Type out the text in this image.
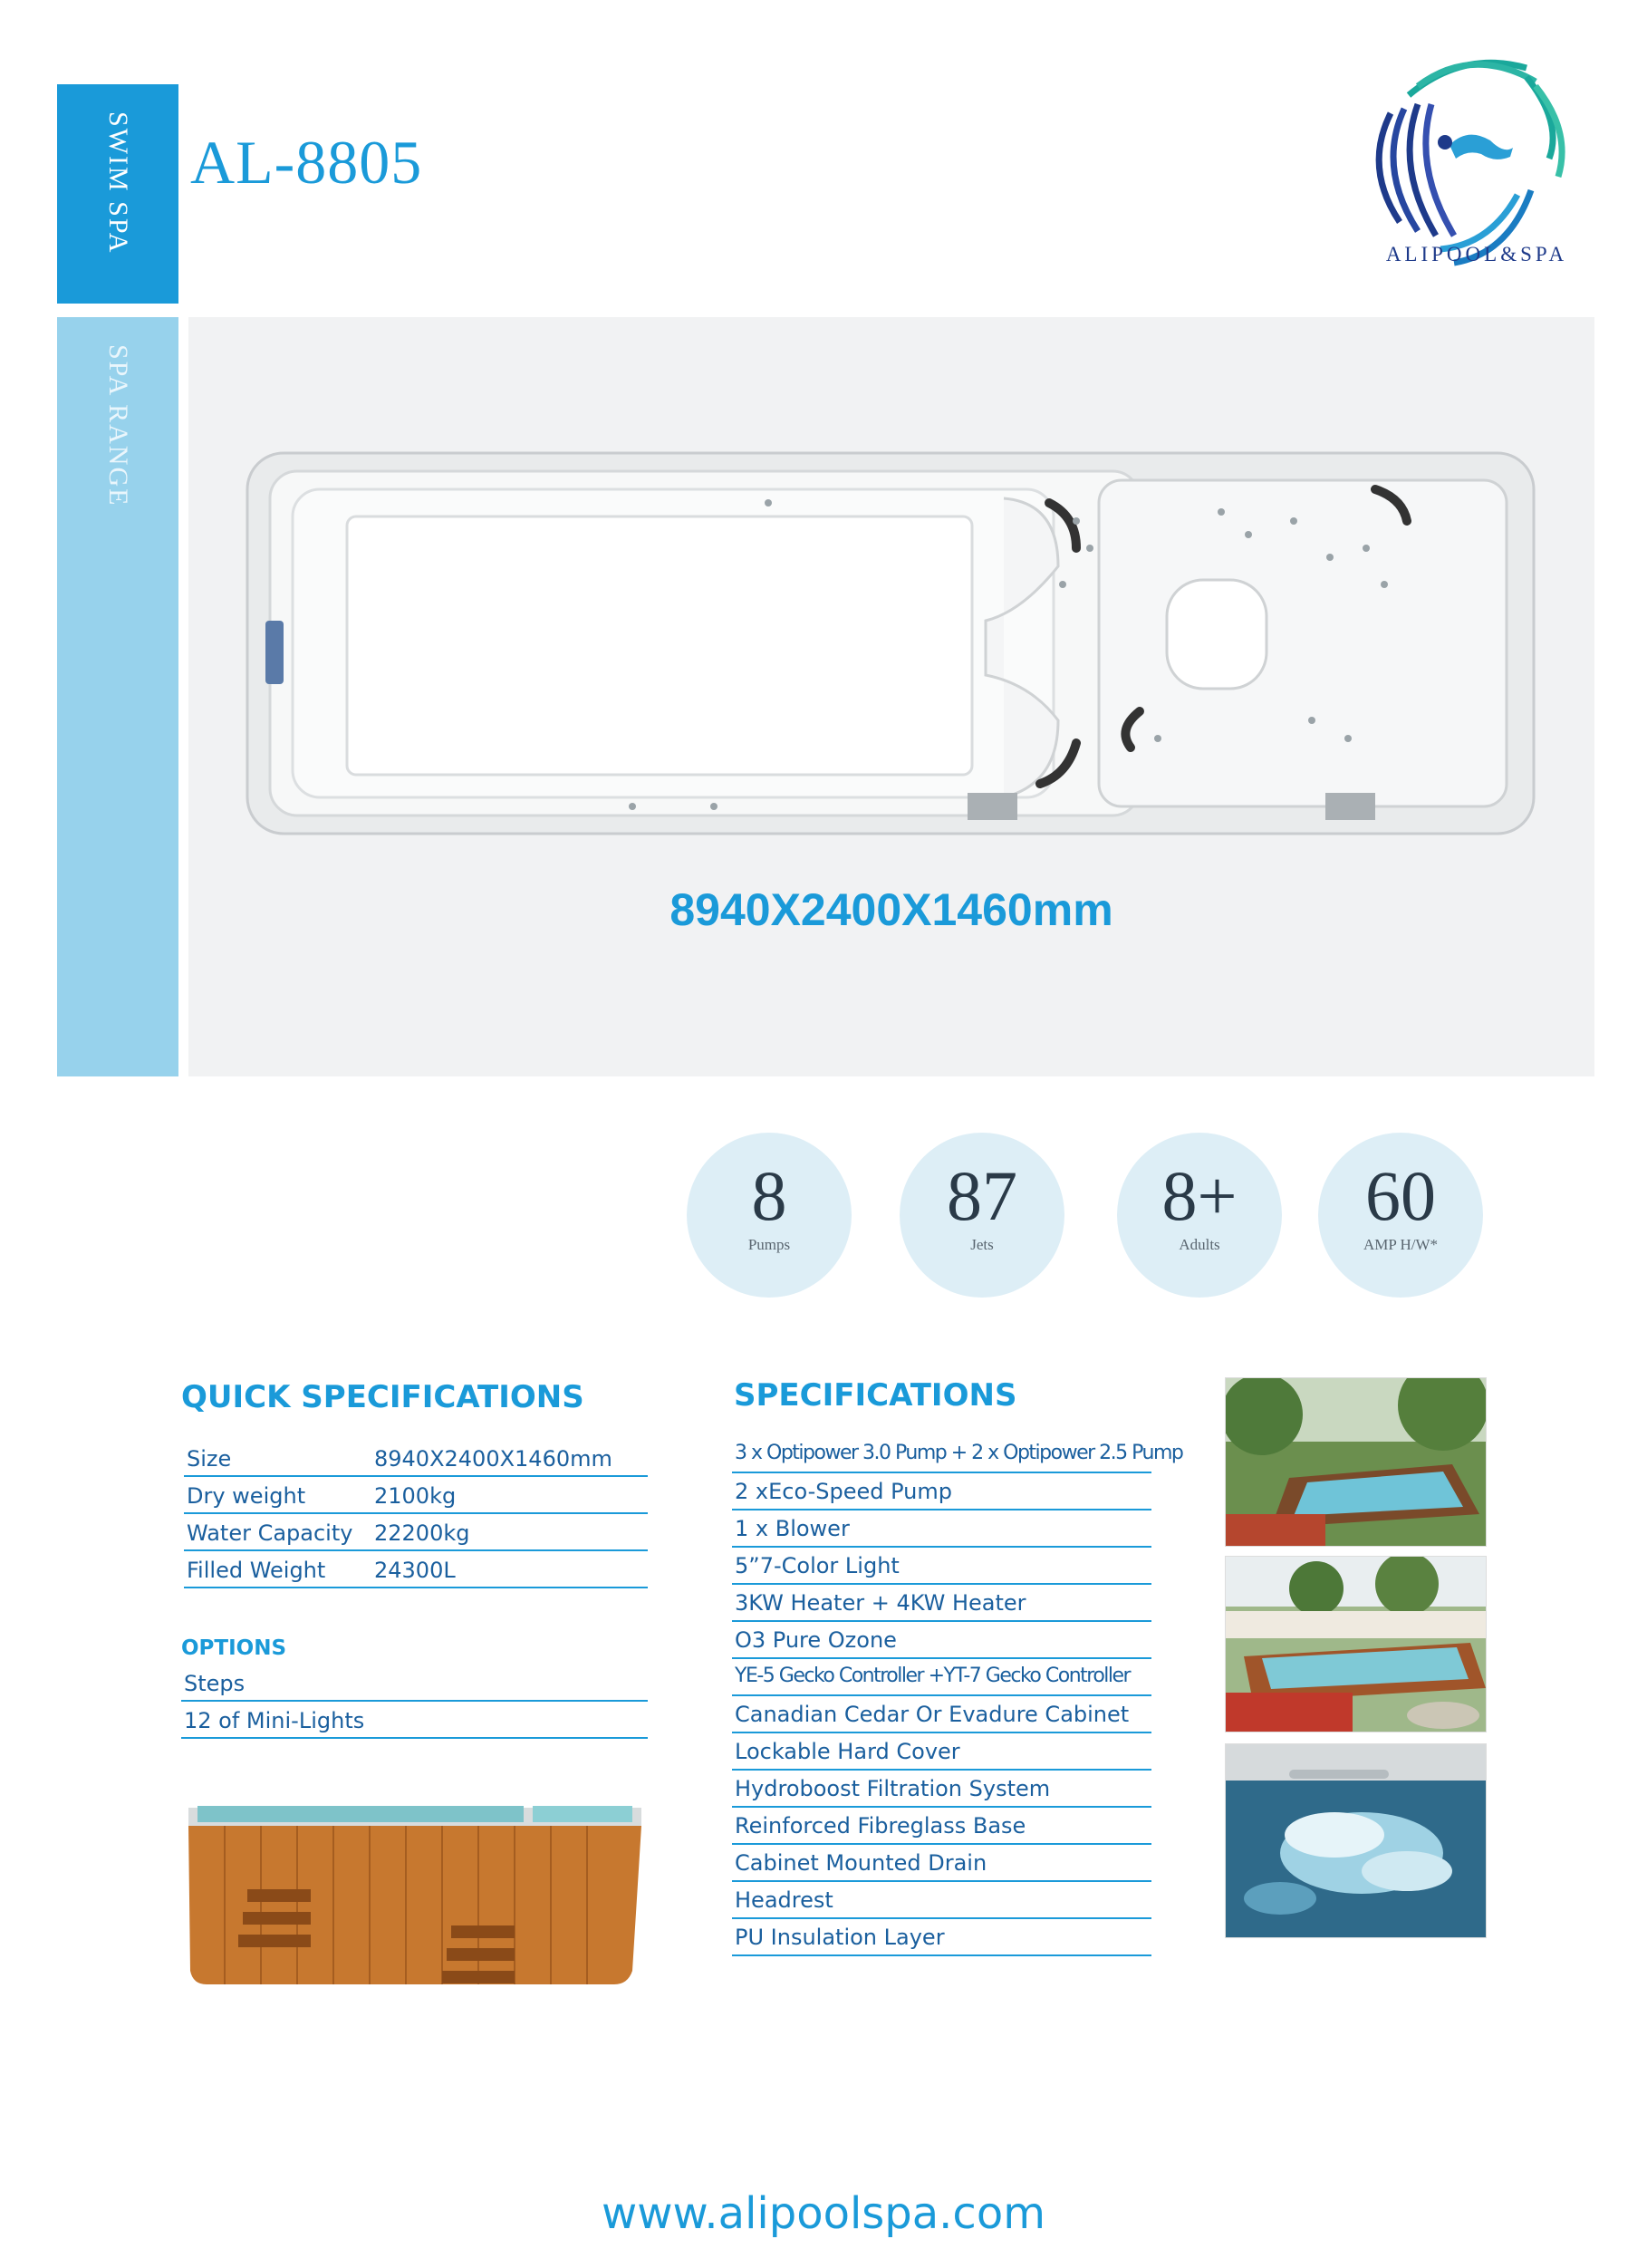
SWIM SPA
SPA RANGE
AL-8805
ALIPOOL&SPA
8940X2400X1460mm
8
Pumps
87
Jets
8+
Adults
60
AMP H/W*
QUICK SPECIFICATIONS
Size	8940X2400X1460mm
Dry weight	2100kg
Water Capacity 22200kg
Filled Weight 24300L
OPTIONS
Steps
12 of Mini-Lights
SPECIFICATIONS
3 x Optipower 3.0 Pump + 2 x Optipower 2.5 Pump
2 xEco-Speed Pump
1 x Blower
5”7-Color Light
3KW Heater + 4KW Heater
O3 Pure Ozone
YE-5 Gecko Controller +YT-7 Gecko Controller
Canadian Cedar Or Evadure Cabinet
Lockable Hard Cover
Hydroboost Filtration System
Reinforced Fibreglass Base
Cabinet Mounted Drain
Headrest
PU Insulation Layer
www.alipoolspa.com
